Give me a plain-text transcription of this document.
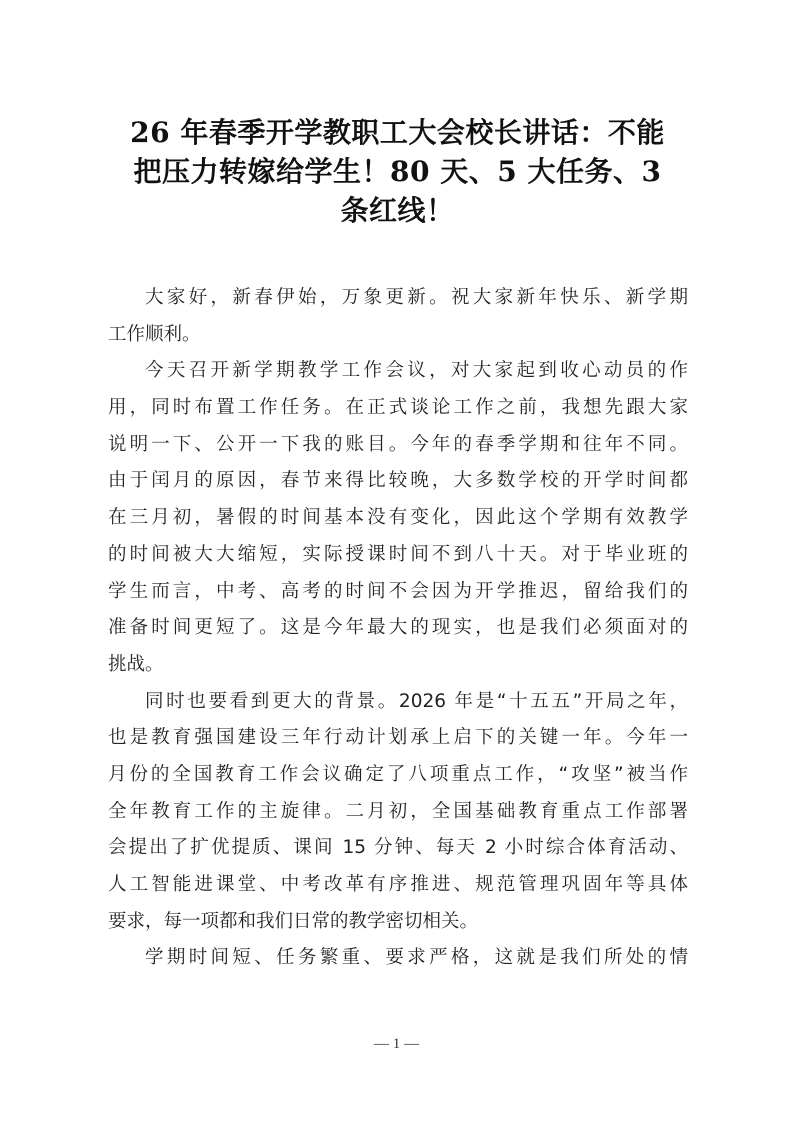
26 年春季开学教职工大会校长讲话：不能
把压力转嫁给学生！80 天、5 大任务、3
条红线！
大家好，新春伊始，万象更新。祝大家新年快乐、新学期
工作顺利。
今天召开新学期教学工作会议，对大家起到收心动员的作
用，同时布置工作任务。在正式谈论工作之前，我想先跟大家
说明一下、公开一下我的账目。今年的春季学期和往年不同。
由于闰月的原因，春节来得比较晚，大多数学校的开学时间都
在三月初，暑假的时间基本没有变化，因此这个学期有效教学
的时间被大大缩短，实际授课时间不到八十天。对于毕业班的
学生而言，中考、高考的时间不会因为开学推迟，留给我们的
准备时间更短了。这是今年最大的现实，也是我们必须面对的
挑战。
同时也要看到更大的背景。2026 年是“十五五”开局之年，
也是教育强国建设三年行动计划承上启下的关键一年。今年一
月份的全国教育工作会议确定了八项重点工作，“攻坚”被当作
全年教育工作的主旋律。二月初，全国基础教育重点工作部署
会提出了扩优提质、课间 15 分钟、每天 2 小时综合体育活动、
人工智能进课堂、中考改革有序推进、规范管理巩固年等具体
要求，每一项都和我们日常的教学密切相关。
学期时间短、任务繁重、要求严格，这就是我们所处的情
— 1 —
